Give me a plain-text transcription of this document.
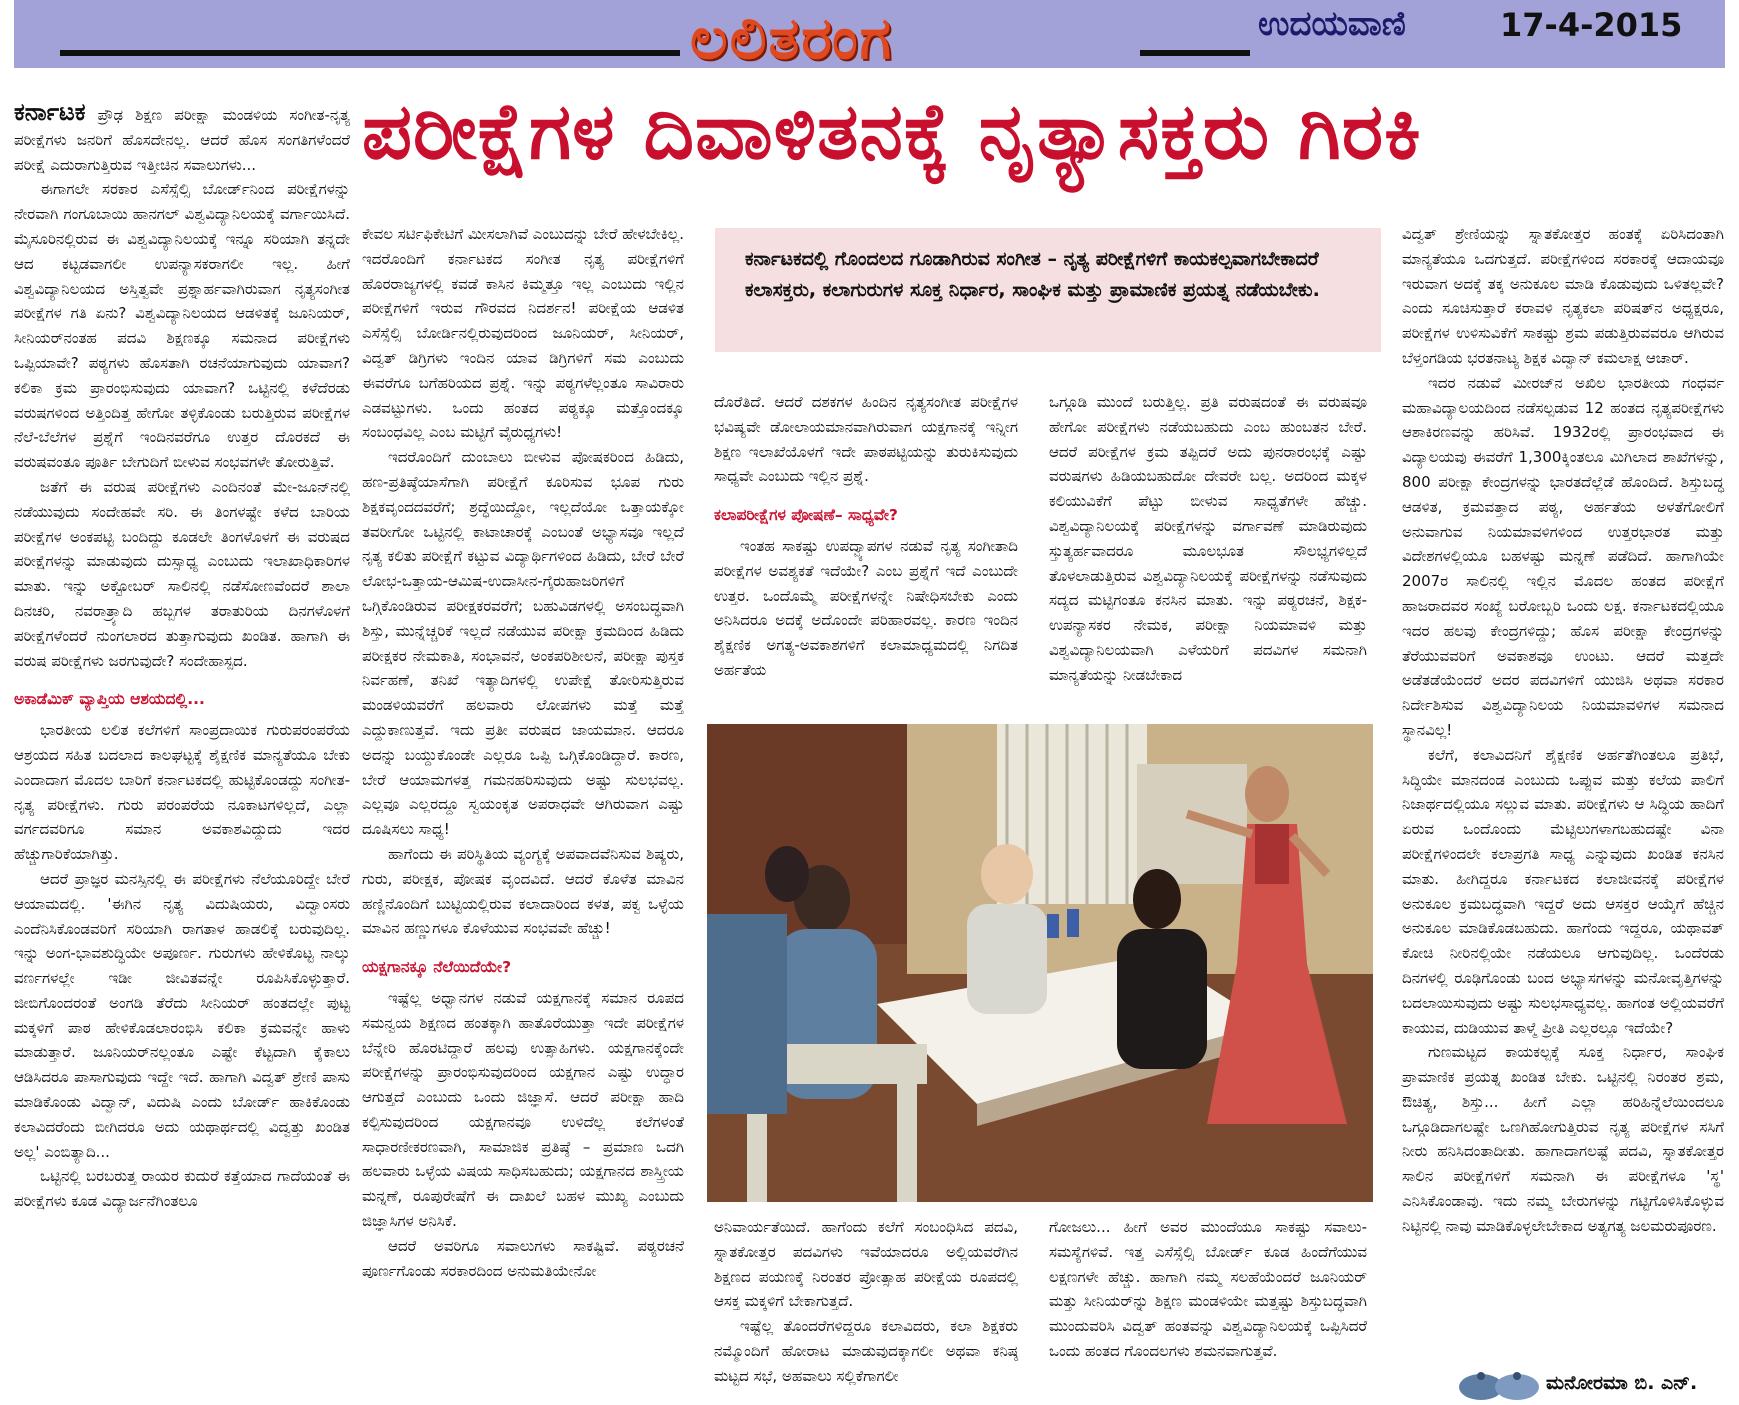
ಲಲಿತರಂಗ	ಉದಯವಾಣಿ	17-4-2015
ಪರೀಕ್ಷೆಗಳ ದಿವಾಳಿತನಕ್ಕೆ ನೃತ್ಯಾಸಕ್ತರು ಗಿರಕಿ

ಕರ್ನಾಟಕ ಪ್ರೌಢ ಶಿಕ್ಷಣ ಪರೀಕ್ಷಾ ಮಂಡಳಿಯ ಸಂಗೀತ-ನೃತ್ಯ ಪರೀಕ್ಷೆಗಳು ಜನರಿಗೆ ಹೊಸದೇನಲ್ಲ. ಆದರೆ ಹೊಸ ಸಂಗತಿಗಳೆಂದರೆ ಪರೀಕ್ಷೆ ಎದುರಾಗುತ್ತಿರುವ ಇತ್ತೀಚಿನ ಸವಾಲುಗಳು...

ಈಗಾಗಲೇ ಸರಕಾರ ಎಸೆಸ್ಸೆಲ್ಸಿ ಬೋರ್ಡ್‌ನಿಂದ ಪರೀಕ್ಷೆಗಳನ್ನು ನೇರವಾಗಿ ಗಂಗೂಬಾಯಿ ಹಾನಗಲ್ ವಿಶ್ವವಿದ್ಯಾನಿಲಯಕ್ಕೆ ವರ್ಗಾಯಿಸಿದೆ. ಮೈಸೂರಿನಲ್ಲಿರುವ ಈ ವಿಶ್ವವಿದ್ಯಾನಿಲಯಕ್ಕೆ ಇನ್ನೂ ಸರಿಯಾಗಿ ತನ್ನದೇ ಆದ ಕಟ್ಟಡವಾಗಲೀ ಉಪನ್ಯಾಸಕರಾಗಲೀ ಇಲ್ಲ. ಹೀಗೆ ವಿಶ್ವವಿದ್ಯಾನಿಲಯದ ಅಸ್ತಿತ್ವವೇ ಪ್ರಶ್ನಾರ್ಹವಾಗಿರುವಾಗ ನೃತ್ಯಸಂಗೀತ ಪರೀಕ್ಷೆಗಳ ಗತಿ ಏನು? ವಿಶ್ವವಿದ್ಯಾನಿಲಯದ ಆಡಳಿತಕ್ಕೆ ಜೂನಿಯರ್, ಸೀನಿಯರ್‌ನಂತಹ ಪದವಿ ಶಿಕ್ಷಣಕ್ಕೂ ಸಮನಾದ ಪರೀಕ್ಷೆಗಳು ಒಪ್ಪಿಯಾವೇ? ಪಠ್ಯಗಳು ಹೊಸತಾಗಿ ರಚನೆಯಾಗುವುದು ಯಾವಾಗ? ಕಲಿಕಾ ಕ್ರಮ ಪ್ರಾರಂಭಿಸುವುದು ಯಾವಾಗ? ಒಟ್ಟಿನಲ್ಲಿ ಕಳೆದೆರಡು ವರುಷಗಳಿಂದ ಅತ್ತಿಂದಿತ್ತ ಹೇಗೋ ತಳ್ಳಿಕೊಂಡು ಬರುತ್ತಿರುವ ಪರೀಕ್ಷೆಗಳ ನೆಲೆ-ಬೆಲೆಗಳ ಪ್ರಶ್ನೆಗೆ ಇಂದಿನವರೆಗೂ ಉತ್ತರ ದೊರಕದೆ ಈ ವರುಷವಂತೂ ಪೂರ್ತಿ ಬೇಗುದಿಗೆ ಬೀಳುವ ಸಂಭವಗಳೇ ತೋರುತ್ತಿವೆ.

ಜತೆಗೆ ಈ ವರುಷ ಪರೀಕ್ಷೆಗಳು ಎಂದಿನಂತೆ ಮೇ-ಜೂನ್‌ನಲ್ಲಿ ನಡೆಯುವುದು ಸಂದೇಹವೇ ಸರಿ. ಈ ತಿಂಗಳಷ್ಟೇ ಕಳೆದ ಬಾರಿಯ ಪರೀಕ್ಷೆಗಳ ಅಂಕಪಟ್ಟಿ ಬಂದಿದ್ದು ಕೂಡಲೇ ತಿಂಗಳೊಳಗೆ ಈ ವರುಷದ ಪರೀಕ್ಷೆಗಳನ್ನು ಮಾಡುವುದು ದುಸ್ಸಾಧ್ಯ ಎಂಬುದು ಇಲಾಖಾಧಿಕಾರಿಗಳ ಮಾತು. ಇನ್ನು ಅಕ್ಟೋಬರ್ ಸಾಲಿನಲ್ಲಿ ನಡೆಸೋಣವೆಂದರೆ ಶಾಲಾ ದಿನಚರಿ, ನವರಾತ್ರ್ಯಾದಿ ಹಬ್ಬಗಳ ತರಾತುರಿಯ ದಿನಗಳೊಳಗೆ ಪರೀಕ್ಷೆಗಳೆಂದರೆ ನುಂಗಲಾರದ ತುತ್ತಾಗುವುದು ಖಂಡಿತ. ಹಾಗಾಗಿ ಈ ವರುಷ ಪರೀಕ್ಷೆಗಳು ಜರಗುವುದೇ? ಸಂದೇಹಾಸ್ಪದ.

ಅಕಾಡೆಮಿಕ್ ವ್ಯಾಪ್ತಿಯ ಆಶಯದಲ್ಲಿ...

ಭಾರತೀಯ ಲಲಿತ ಕಲೆಗಳಿಗೆ ಸಾಂಪ್ರದಾಯಿಕ ಗುರುಪರಂಪರೆಯ ಆಶ್ರಯದ ಸಹಿತ ಬದಲಾದ ಕಾಲಘಟ್ಟಕ್ಕೆ ಶೈಕ್ಷಣಿಕ ಮಾನ್ಯತೆಯೂ ಬೇಕು ಎಂದಾದಾಗ ಮೊದಲ ಬಾರಿಗೆ ಕರ್ನಾಟಕದಲ್ಲಿ ಹುಟ್ಟಿಕೊಂಡದ್ದು ಸಂಗೀತ-ನೃತ್ಯ ಪರೀಕ್ಷೆಗಳು. ಗುರು ಪರಂಪರೆಯ ನೂಕಾಟಗಳಿಲ್ಲದೆ, ಎಲ್ಲಾ ವರ್ಗದವರಿಗೂ ಸಮಾನ ಅವಕಾಶವಿದ್ದುದು ಇದರ ಹೆಚ್ಚುಗಾರಿಕೆಯಾಗಿತ್ತು.

ಆದರೆ ಪ್ರಾಜ್ಞರ ಮನಸ್ಸಿನಲ್ಲಿ ಈ ಪರೀಕ್ಷೆಗಳು ನೆಲೆಯೂರಿದ್ದೇ ಬೇರೆ ಆಯಾಮದಲ್ಲಿ. 'ಈಗಿನ ನೃತ್ಯ ವಿದುಷಿಯರು, ವಿದ್ವಾಂಸರು ಎಂದೆನಿಸಿಕೊಂಡವರಿಗೆ ಸರಿಯಾಗಿ ರಾಗತಾಳ ಹಾಡಲಿಕ್ಕೆ ಬರುವುದಿಲ್ಲ. ಇನ್ನು ಅಂಗ-ಭಾವಶುದ್ಧಿಯೇ ಅಪೂರ್ಣ. ಗುರುಗಳು ಹೇಳಿಕೊಟ್ಟ ನಾಲ್ಕು ವರ್ಣಗಳಲ್ಲೇ ಇಡೀ ಜೀವಿತವನ್ನೇ ರೂಪಿಸಿಕೊಳ್ಳುತ್ತಾರೆ. ಜೀಬಿಗೊಂದರಂತೆ ಅಂಗಡಿ ತೆರೆದು ಸೀನಿಯರ್ ಹಂತದಲ್ಲೇ ಪುಟ್ಟ ಮಕ್ಕಳಿಗೆ ಪಾಠ ಹೇಳಿಕೊಡಲಾರಂಭಿಸಿ ಕಲಿಕಾ ಕ್ರಮವನ್ನೇ ಹಾಳು ಮಾಡುತ್ತಾರೆ. ಜೂನಿಯರ್‌ನಲ್ಲಂತೂ ಎಷ್ಟೇ ಕೆಟ್ಟದಾಗಿ ಕೈಕಾಲು ಆಡಿಸಿದರೂ ಪಾಸಾಗುವುದು ಇದ್ದೇ ಇದೆ. ಹಾಗಾಗಿ ವಿದ್ವತ್ ಶ್ರೇಣಿ ಪಾಸು ಮಾಡಿಕೊಂಡು ವಿದ್ವಾನ್, ವಿದುಷಿ ಎಂದು ಬೋರ್ಡ್ ಹಾಕಿಕೊಂಡು ಕಲಾವಿದರೆಂದು ಬೀಗಿದರೂ ಅದು ಯಥಾರ್ಥದಲ್ಲಿ ವಿದ್ವತ್ತು ಖಂಡಿತ ಅಲ್ಲ' ಎಂಬಿತ್ಯಾದಿ...

ಒಟ್ಟಿನಲ್ಲಿ ಬರಬರುತ್ತ ರಾಯರ ಕುದುರೆ ಕತ್ತೆಯಾದ ಗಾದೆಯಂತೆ ಈ ಪರೀಕ್ಷೆಗಳು ಕೂಡ ವಿದ್ಯಾರ್ಜನೆಗಿಂತಲೂ

ಕೇವಲ ಸರ್ಟಿಫಿಕೇಟಿಗೆ ಮೀಸಲಾಗಿವೆ ಎಂಬುದನ್ನು ಬೇರೆ ಹೇಳಬೇಕಿಲ್ಲ. ಇದರೊಂದಿಗೆ ಕರ್ನಾಟಕದ ಸಂಗೀತ ನೃತ್ಯ ಪರೀಕ್ಷೆಗಳಿಗೆ ಹೊರರಾಜ್ಯಗಳಲ್ಲಿ ಕವಡೆ ಕಾಸಿನ ಕಿಮ್ಮತ್ತೂ ಇಲ್ಲ ಎಂಬುದು ಇಲ್ಲಿನ ಪರೀಕ್ಷೆಗಳಿಗೆ ಇರುವ ಗೌರವದ ನಿದರ್ಶನ! ಪರೀಕ್ಷೆಯ ಆಡಳಿತ ಎಸೆಸ್ಸೆಲ್ಸಿ ಬೋರ್ಡಿನಲ್ಲಿರುವುದರಿಂದ ಜೂನಿಯರ್, ಸೀನಿಯರ್, ವಿದ್ವತ್ ಡಿಗ್ರಿಗಳು ಇಂದಿನ ಯಾವ ಡಿಗ್ರಿಗಳಿಗೆ ಸಮ ಎಂಬುದು ಈವರೆಗೂ ಬಗೆಹರಿಯದ ಪ್ರಶ್ನೆ. ಇನ್ನು ಪಠ್ಯಗಳೆಲ್ಲಂತೂ ಸಾವಿರಾರು ಎಡವಟ್ಟುಗಳು. ಒಂದು ಹಂತದ ಪಠ್ಯಕ್ಕೂ ಮತ್ತೊಂದಕ್ಕೂ ಸಂಬಂಧವಿಲ್ಲ ಎಂಬ ಮಟ್ಟಿಗೆ ವೈರುಧ್ಯಗಳು!

ಇದರೊಂದಿಗೆ ದುಂಬಾಲು ಬೀಳುವ ಪೋಷಕರಿಂದ ಹಿಡಿದು, ಹಣ-ಪ್ರತಿಷ್ಠೆಯಾಸೆಗಾಗಿ ಪರೀಕ್ಷೆಗೆ ಕೂರಿಸುವ ಭೂಪ ಗುರು ಶಿಕ್ಷಕವೃಂದದವರೆಗೆ; ಶ್ರದ್ಧೆಯಿದ್ದೋ, ಇಲ್ಲದೆಯೋ ಒತ್ತಾಯಕ್ಕೋ ತವರೀಗೋ ಒಟ್ಟಿನಲ್ಲಿ ಕಾಟಾಚಾರಕ್ಕೆ ಎಂಬಂತೆ ಅಭ್ಯಾಸವೂ ಇಲ್ಲದೆ ನೃತ್ಯ ಕಲಿತು ಪರೀಕ್ಷೆಗೆ ಕಟ್ಟುವ ವಿದ್ಯಾರ್ಥಿಗಳಿಂದ ಹಿಡಿದು, ಬೇರೆ ಬೇರೆ ಲೋಭ-ಒತ್ತಾಯ-ಆಮಿಷ-ಉದಾಸೀನ-ಗೈರುಹಾಜರಿಗಳಿಗೆ ಒಗ್ಗಿಕೊಂಡಿರುವ ಪರೀಕ್ಷಕರವರೆಗೆ; ಬಹುವಿಡಗಳಲ್ಲಿ ಅಸಂಬದ್ಧವಾಗಿ ಶಿಸ್ತು, ಮುನ್ನೆಚ್ಚರಿಕೆ ಇಲ್ಲದೆ ನಡೆಯುವ ಪರೀಕ್ಷಾ ಕ್ರಮದಿಂದ ಹಿಡಿದು ಪರೀಕ್ಷಕರ ನೇಮಕಾತಿ, ಸಂಭಾವನೆ, ಅಂಕಪರಿಶೀಲನೆ, ಪರೀಕ್ಷಾ ಪುಸ್ತಕ ನಿರ್ವಹಣೆ, ತನಿಖೆ ಇತ್ಯಾದಿಗಳಲ್ಲಿ ಉಪೇಕ್ಷೆ ತೋರಿಸುತ್ತಿರುವ ಮಂಡಳಿಯವರೆಗೆ ಹಲವಾರು ಲೋಪಗಳು ಮತ್ತೆ ಮತ್ತೆ ಎದ್ದುಕಾಣುತ್ತವೆ. ಇದು ಪ್ರತೀ ವರುಷದ ಜಾಯಮಾನ. ಆದರೂ ಅದನ್ನು ಬಯ್ದುಕೊಂಡೇ ಎಲ್ಲರೂ ಒಪ್ಪಿ ಒಗ್ಗಿಕೊಂಡಿದ್ದಾರೆ. ಕಾರಣ, ಬೇರೆ ಆಯಾಮಗಳತ್ತ ಗಮನಹರಿಸುವುದು ಅಷ್ಟು ಸುಲಭವಲ್ಲ. ಎಲ್ಲವೂ ಎಲ್ಲರದ್ದೂ ಸ್ವಯಂಕೃತ ಅಪರಾಧವೇ ಆಗಿರುವಾಗ ಎಷ್ಟು ದೂಷಿಸಲು ಸಾಧ್ಯ!

ಹಾಗೆಂದು ಈ ಪರಿಸ್ಥಿತಿಯ ವ್ಯಂಗ್ಯಕ್ಕೆ ಅಪವಾದವೆನಿಸುವ ಶಿಷ್ಯರು, ಗುರು, ಪರೀಕ್ಷಕ, ಪೋಷಕ ವೃಂದವಿದೆ. ಆದರೆ ಕೊಳೆತ ಮಾವಿನ ಹಣ್ಣಿನೊಂದಿಗೆ ಬುಟ್ಟಿಯಲ್ಲಿರುವ ಕಲಾದಾರಿಂದ ಕಳತ, ಪಕ್ವ ಒಳ್ಳೆಯ ಮಾವಿನ ಹಣ್ಣುಗಳೂ ಕೊಳೆಯುವ ಸಂಭವವೇ ಹೆಚ್ಚು!

ಯಕ್ಷಗಾನಕ್ಕೂ ನೆಲೆಯಿದೆಯೇ?

ಇಷ್ಟೆಲ್ಲ ಅಧ್ವಾನಗಳ ನಡುವೆ ಯಕ್ಷಗಾನಕ್ಕೆ ಸಮಾನ ರೂಪದ ಸಮನ್ವಯ ಶಿಕ್ಷಣದ ಹಂತಕ್ಕಾಗಿ ಹಾತೊರೆಯುತ್ತಾ ಇದೇ ಪರೀಕ್ಷೆಗಳ ಬೆನ್ನೇರಿ ಹೊರಟಿದ್ದಾರೆ ಹಲವು ಉತ್ಸಾಹಿಗಳು. ಯಕ್ಷಗಾನಕ್ಕೆಂದೇ ಪರೀಕ್ಷೆಗಳನ್ನು ಪ್ರಾರಂಭಿಸುವುದರಿಂದ ಯಕ್ಷಗಾನ ಎಷ್ಟು ಉದ್ಧಾರ ಆಗುತ್ತದೆ ಎಂಬುದು ಒಂದು ಜಿಜ್ಞಾಸೆ. ಆದರೆ ಪರೀಕ್ಷಾ ಹಾದಿ ಕಲ್ಪಿಸುವುದರಿಂದ ಯಕ್ಷಗಾನವೂ ಉಳಿದೆಲ್ಲ ಕಲೆಗಳಂತೆ ಸಾಧಾರಣೀಕರಣವಾಗಿ, ಸಾಮಾಜಿಕ ಪ್ರತಿಷ್ಠೆ – ಪ್ರಮಾಣ ಒದಗಿ ಹಲವಾರು ಒಳ್ಳೆಯ ವಿಷಯ ಸಾಧಿಸಬಹುದು; ಯಕ್ಷಗಾನದ ಶಾಸ್ತ್ರೀಯ ಮನ್ನಣೆ, ರೂಪುರೇಷೆಗೆ ಈ ದಾಖಲೆ ಬಹಳ ಮುಖ್ಯ ಎಂಬುದು ಜಿಜ್ಞಾಸಿಗಳ ಅನಿಸಿಕೆ.

ಆದರೆ ಅವರಿಗೂ ಸವಾಲುಗಳು ಸಾಕಷ್ಟಿವೆ. ಪಠ್ಯರಚನೆ ಪೂರ್ಣಗೊಂಡು ಸರಕಾರದಿಂದ ಅನುಮತಿಯೇನೋ

ಕರ್ನಾಟಕದಲ್ಲಿ ಗೊಂದಲದ ಗೂಡಾಗಿರುವ ಸಂಗೀತ – ನೃತ್ಯ ಪರೀಕ್ಷೆಗಳಿಗೆ ಕಾಯಕಲ್ಪವಾಗಬೇಕಾದರೆ ಕಲಾಸಕ್ತರು, ಕಲಾಗುರುಗಳ ಸೂಕ್ತ ನಿರ್ಧಾರ, ಸಾಂಘಿಕ ಮತ್ತು ಪ್ರಾಮಾಣಿಕ ಪ್ರಯತ್ನ ನಡೆಯಬೇಕು.

ದೊರೆತಿದೆ. ಆದರೆ ದಶಕಗಳ ಹಿಂದಿನ ನೃತ್ಯಸಂಗೀತ ಪರೀಕ್ಷೆಗಳ ಭವಿಷ್ಯವೇ ಡೋಲಾಯಮಾನವಾಗಿರುವಾಗ ಯಕ್ಷಗಾನಕ್ಕೆ ಇನ್ನೀಗ ಶಿಕ್ಷಣ ಇಲಾಖೆಯೊಳಗೆ ಇದೇ ಪಾಠಪಟ್ಟಿಯನ್ನು ತುರುಕಿಸುವುದು ಸಾಧ್ಯವೇ ಎಂಬುದು ಇಲ್ಲಿನ ಪ್ರಶ್ನೆ.

ಕಲಾಪರೀಕ್ಷೆಗಳ ಪೋಷಣೆ– ಸಾಧ್ಯವೇ?

ಇಂತಹ ಸಾಕಷ್ಟು ಉಪದ್ವ್ಯಾಪಗಳ ನಡುವೆ ನೃತ್ಯ ಸಂಗೀತಾದಿ ಪರೀಕ್ಷೆಗಳ ಅವಶ್ಯಕತೆ ಇದೆಯೇ? ಎಂಬ ಪ್ರಶ್ನೆಗೆ ಇದೆ ಎಂಬುದೇ ಉತ್ತರ. ಒಂದೊಮ್ಮೆ ಪರೀಕ್ಷೆಗಳನ್ನೇ ನಿಷೇಧಿಸಬೇಕು ಎಂದು ಅನಿಸಿದರೂ ಅದಕ್ಕೆ ಅದೊಂದೇ ಪರಿಹಾರವಲ್ಲ. ಕಾರಣ ಇಂದಿನ ಶೈಕ್ಷಣಿಕ ಅಗತ್ಯ-ಅವಕಾಶಗಳಿಗೆ ಕಲಾಮಾಧ್ಯಮದಲ್ಲಿ ನಿಗದಿತ ಅರ್ಹತೆಯ

ಒಗ್ಗೂಡಿ ಮುಂದೆ ಬರುತ್ತಿಲ್ಲ. ಪ್ರತಿ ವರುಷದಂತೆ ಈ ವರುಷವೂ ಹೇಗೋ ಪರೀಕ್ಷೆಗಳು ನಡೆಯಬಹುದು ಎಂಬ ಹುಂಬತನ ಬೇರೆ. ಆದರೆ ಪರೀಕ್ಷೆಗಳ ಕ್ರಮ ತಪ್ಪಿದರೆ ಅದು ಪುನರಾರಂಭಕ್ಕೆ ಎಷ್ಟು ವರುಷಗಳು ಹಿಡಿಯಬಹುದೋ ದೇವರೇ ಬಲ್ಲ. ಅದರಿಂದ ಮಕ್ಕಳ ಕಲಿಯುವಿಕೆಗೆ ಪೆಟ್ಟು ಬೀಳುವ ಸಾಧ್ಯತೆಗಳೇ ಹೆಚ್ಚು. ವಿಶ್ವವಿದ್ಯಾನಿಲಯಕ್ಕೆ ಪರೀಕ್ಷೆಗಳನ್ನು ವರ್ಗಾವಣೆ ಮಾಡಿರುವುದು ಸ್ತುತ್ಯರ್ಹವಾದರೂ ಮೂಲಭೂತ ಸೌಲಭ್ಯಗಳಿಲ್ಲದೆ ತೊಳಲಾಡುತ್ತಿರುವ ವಿಶ್ವವಿದ್ಯಾನಿಲಯಕ್ಕೆ ಪರೀಕ್ಷೆಗಳನ್ನು ನಡೆಸುವುದು ಸದ್ಯದ ಮಟ್ಟಿಗಂತೂ ಕನಸಿನ ಮಾತು. ಇನ್ನು ಪಠ್ಯರಚನೆ, ಶಿಕ್ಷಕ-ಉಪನ್ಯಾಸಕರ ನೇಮಕ, ಪರೀಕ್ಷಾ ನಿಯಮಾವಳಿ ಮತ್ತು ವಿಶ್ವವಿದ್ಯಾನಿಲಯವಾಗಿ ಎಳೆಯರಿಗೆ ಪದವಿಗಳ ಸಮನಾಗಿ ಮಾನ್ಯತೆಯನ್ನು ನೀಡಬೇಕಾದ

ಅನಿವಾರ್ಯತೆಯಿದೆ. ಹಾಗೆಂದು ಕಲೆಗೆ ಸಂಬಂಧಿಸಿದ ಪದವಿ, ಸ್ನಾತಕೋತ್ತರ ಪದವಿಗಳು ಇವೆಯಾದರೂ ಅಲ್ಲಿಯವರೆಗಿನ ಶಿಕ್ಷಣದ ಪಯಣಕ್ಕೆ ನಿರಂತರ ಪ್ರೋತ್ಸಾಹ ಪರೀಕ್ಷೆಯ ರೂಪದಲ್ಲಿ ಆಸಕ್ತ ಮಕ್ಕಳಿಗೆ ಬೇಕಾಗುತ್ತದೆ.

ಇಷ್ಟೆಲ್ಲ ತೊಂದರೆಗಳಿದ್ದರೂ ಕಲಾವಿದರು, ಕಲಾ ಶಿಕ್ಷಕರು ನಮ್ಮೊಂದಿಗೆ ಹೋರಾಟ ಮಾಡುವುದಕ್ಕಾಗಲೀ ಅಥವಾ ಕನಿಷ್ಠ ಮಟ್ಟದ ಸಭೆ, ಅಹವಾಲು ಸಲ್ಲಿಕೆಗಾಗಲೀ

ಗೋಜಲು... ಹೀಗೆ ಅವರ ಮುಂದೆಯೂ ಸಾಕಷ್ಟು ಸವಾಲು-ಸಮಸ್ಯೆಗಳಿವೆ. ಇತ್ತ ಎಸೆಸ್ಸೆಲ್ಸಿ ಬೋರ್ಡ್ ಕೂಡ ಹಿಂದೆಗೆಯುವ ಲಕ್ಷಣಗಳೇ ಹೆಚ್ಚು. ಹಾಗಾಗಿ ನಮ್ಮ ಸಲಹೆಯೆಂದರೆ ಜೂನಿಯರ್ ಮತ್ತು ಸೀನಿಯರ್‌ನ್ನು ಶಿಕ್ಷಣ ಮಂಡಳಿಯೇ ಮತ್ತಷ್ಟು ಶಿಸ್ತುಬದ್ಧವಾಗಿ ಮುಂದುವರಿಸಿ ವಿದ್ವತ್ ಹಂತವನ್ನು ವಿಶ್ವವಿದ್ಯಾನಿಲಯಕ್ಕೆ ಒಪ್ಪಿಸಿದರೆ ಒಂದು ಹಂತದ ಗೊಂದಲಗಳು ಶಮನವಾಗುತ್ತವೆ.

ವಿದ್ವತ್ ಶ್ರೇಣಿಯನ್ನು ಸ್ನಾತಕೋತ್ತರ ಹಂತಕ್ಕೆ ಏರಿಸಿದಂತಾಗಿ ಮಾನ್ಯತೆಯೂ ಒದಗುತ್ತದೆ. ಪರೀಕ್ಷೆಗಳಿಂದ ಸರಕಾರಕ್ಕೆ ಆದಾಯವೂ ಇರುವಾಗ ಅದಕ್ಕೆ ತಕ್ಕ ಅನುಕೂಲ ಮಾಡಿ ಕೊಡುವುದು ಒಳಿತಲ್ಲವೇ? ಎಂದು ಸೂಚಿಸುತ್ತಾರೆ ಕರಾವಳಿ ನೃತ್ಯಕಲಾ ಪರಿಷತ್‌ನ ಅಧ್ಯಕ್ಷರೂ, ಪರೀಕ್ಷೆಗಳ ಉಳಿಸುವಿಕೆಗೆ ಸಾಕಷ್ಟು ಶ್ರಮ ಪಡುತ್ತಿರುವವರೂ ಆಗಿರುವ ಬೆಳ್ತಂಗಡಿಯ ಭರತನಾಟ್ಯ ಶಿಕ್ಷಕ ವಿದ್ವಾನ್ ಕಮಲಾಕ್ಷ ಆಚಾರ್.

ಇದರ ನಡುವೆ ಮೀರಜ್‌ನ ಅಖಿಲ ಭಾರತೀಯ ಗಂಧರ್ವ ಮಹಾವಿದ್ಯಾಲಯದಿಂದ ನಡೆಸಲ್ಪಡುವ 12 ಹಂತದ ನೃತ್ಯಪರೀಕ್ಷೆಗಳು ಆಶಾಕಿರಣವನ್ನು ಹರಿಸಿವೆ. 1932ರಲ್ಲಿ ಪ್ರಾರಂಭವಾದ ಈ ವಿದ್ಯಾಲಯವು ಈವರೆಗೆ 1,300ಕ್ಕಿಂತಲೂ ಮಿಗಿಲಾದ ಶಾಖೆಗಳನ್ನು, 800 ಪರೀಕ್ಷಾ ಕೇಂದ್ರಗಳನ್ನು ಭಾರತದೆಲ್ಲೆಡೆ ಹೊಂದಿದೆ. ಶಿಸ್ತುಬದ್ಧ ಆಡಳಿತ, ಕ್ರಮವತ್ತಾದ ಪಠ್ಯ, ಅರ್ಹತೆಯ ಅಳತೆಗೋಲಿಗೆ ಅನುವಾಗುವ ನಿಯಮಾವಳಿಗಳಿಂದ ಉತ್ತರಭಾರತ ಮತ್ತು ವಿದೇಶಗಳಲ್ಲಿಯೂ ಬಹಳಷ್ಟು ಮನ್ನಣೆ ಪಡೆದಿದೆ. ಹಾಗಾಗಿಯೇ 2007ರ ಸಾಲಿನಲ್ಲಿ ಇಲ್ಲಿನ ಮೊದಲ ಹಂತದ ಪರೀಕ್ಷೆಗೆ ಹಾಜರಾದವರ ಸಂಖ್ಯೆ ಬರೋಬ್ಬರಿ ಒಂದು ಲಕ್ಷ. ಕರ್ನಾಟಕದಲ್ಲಿಯೂ ಇದರ ಹಲವು ಕೇಂದ್ರಗಳಿದ್ದು; ಹೊಸ ಪರೀಕ್ಷಾ ಕೇಂದ್ರಗಳನ್ನು ತೆರೆಯುವವರಿಗೆ ಅವಕಾಶವೂ ಉಂಟು. ಆದರೆ ಮತ್ತದೇ ಅಡೆತಡೆಯೆಂದರೆ ಅದರ ಪದವಿಗಳಿಗೆ ಯುಜಿಸಿ ಅಥವಾ ಸರಕಾರ ನಿರ್ದೇಶಿಸುವ ವಿಶ್ವವಿದ್ಯಾನಿಲಯ ನಿಯಮಾವಳಿಗಳ ಸಮನಾದ ಸ್ಥಾನವಿಲ್ಲ!

ಕಲೆಗೆ, ಕಲಾವಿದನಿಗೆ ಶೈಕ್ಷಣಿಕ ಅರ್ಹತೆಗಿಂತಲೂ ಪ್ರತಿಭೆ, ಸಿದ್ಧಿಯೇ ಮಾನದಂಡ ಎಂಬುದು ಒಪ್ಪುವ ಮತ್ತು ಕಲೆಯ ಪಾಲಿಗೆ ನಿಜಾರ್ಥದಲ್ಲಿಯೂ ಸಲ್ಲುವ ಮಾತು. ಪರೀಕ್ಷೆಗಳು ಆ ಸಿದ್ಧಿಯ ಹಾದಿಗೆ ಏರುವ ಒಂದೊಂದು ಮೆಟ್ಟಿಲುಗಳಾಗಬಹುದಷ್ಟೇ ವಿನಾ ಪರೀಕ್ಷೆಗಳಿಂದಲೇ ಕಲಾಪ್ರಗತಿ ಸಾಧ್ಯ ಎನ್ನುವುದು ಖಂಡಿತ ಕನಸಿನ ಮಾತು. ಹೀಗಿದ್ದರೂ ಕರ್ನಾಟಕದ ಕಲಾಜೀವನಕ್ಕೆ ಪರೀಕ್ಷೆಗಳ ಅನುಕೂಲ ಕ್ರಮಬದ್ಧವಾಗಿ ಇದ್ದರೆ ಅದು ಆಸಕ್ತರ ಆಯ್ಕೆಗೆ ಹೆಚ್ಚಿನ ಅನುಕೂಲ ಮಾಡಿಕೊಡಬಹುದು. ಹಾಗೆಂದು ಇದ್ದರೂ, ಯಥಾವತ್ ಕೋಚಿ ನೀರಿನಲ್ಲಿಯೇ ನಡೆಯಲೂ ಆಗುವುದಿಲ್ಲ. ಒಂದೆರಡು ದಿನಗಳಲ್ಲಿ ರೂಢಿಗೊಂಡು ಬಂದ ಅಭ್ಯಾಸಗಳನ್ನು ಮನೋವೃತ್ತಿಗಳನ್ನು ಬದಲಾಯಿಸುವುದು ಅಷ್ಟು ಸುಲಭಸಾಧ್ಯವಲ್ಲ. ಹಾಗಂತ ಅಲ್ಲಿಯವರೆಗೆ ಕಾಯುವ, ದುಡಿಯುವ ತಾಳ್ಮೆ ಪ್ರೀತಿ ಎಲ್ಲರಲ್ಲೂ ಇದೆಯೇ?

ಗುಣಮಟ್ಟದ ಕಾಯಕಲ್ಪಕ್ಕೆ ಸೂಕ್ತ ನಿರ್ಧಾರ, ಸಾಂಘಿಕ ಪ್ರಾಮಾಣಿಕ ಪ್ರಯತ್ನ ಖಂಡಿತ ಬೇಕು. ಒಟ್ಟಿನಲ್ಲಿ ನಿರಂತರ ಶ್ರಮ, ಔಚಿತ್ಯ, ಶಿಸ್ತು... ಹೀಗೆ ಎಲ್ಲಾ ಹರಿಹಿನ್ನೆಲೆಯಿಂದಲೂ ಒಗ್ಗೂಡಿದಾಗಲಷ್ಟೇ ಒಣಗಿಹೋಗುತ್ತಿರುವ ನೃತ್ಯ ಪರೀಕ್ಷೆಗಳ ಸಸಿಗೆ ನೀರು ಹನಿಸಿದಂತಾದೀತು. ಹಾಗಾದಾಗಲಷ್ಟೆ ಪದವಿ, ಸ್ನಾತಕೋತ್ತರ ಸಾಲಿನ ಪರೀಕ್ಷೆಗಳಿಗೆ ಸಮನಾಗಿ ಈ ಪರೀಕ್ಷೆಗಳೂ 'ಸ್ಥ' ಎನಿಸಿಕೊಂಡಾವು. ಇದು ನಮ್ಮ ಬೇರುಗಳನ್ನು ಗಟ್ಟಿಗೊಳಿಸಿಕೊಳ್ಳುವ ನಿಟ್ಟಿನಲ್ಲಿ ನಾವು ಮಾಡಿಕೊಳ್ಳಲೇಬೇಕಾದ ಅತ್ಯಗತ್ಯ ಜಲಮರುಪೂರಣ.

ಮನೋರಮಾ ಬಿ. ಎನ್.
